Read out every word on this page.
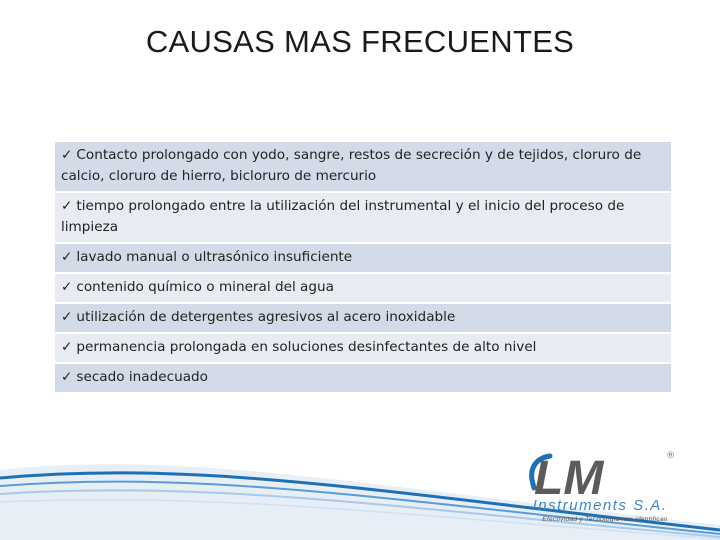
CAUSAS MAS FRECUENTES
✓ Contacto prolongado con yodo, sangre, restos de secreción y de tejidos, cloruro de calcio, cloruro de hierro, bicloruro de mercurio
✓ tiempo prolongado entre la utilización del instrumental y el inicio del proceso de limpieza
✓ lavado manual o ultrasónico insuficiente
✓ contenido químico o mineral del agua
✓ utilización de detergentes agresivos al acero inoxidable
✓ permanencia prolongada en soluciones desinfectantes de alto nivel
✓ secado inadecuado
LM	®
Instruments S.A.
Efectividad y Tecnología nos identifican
